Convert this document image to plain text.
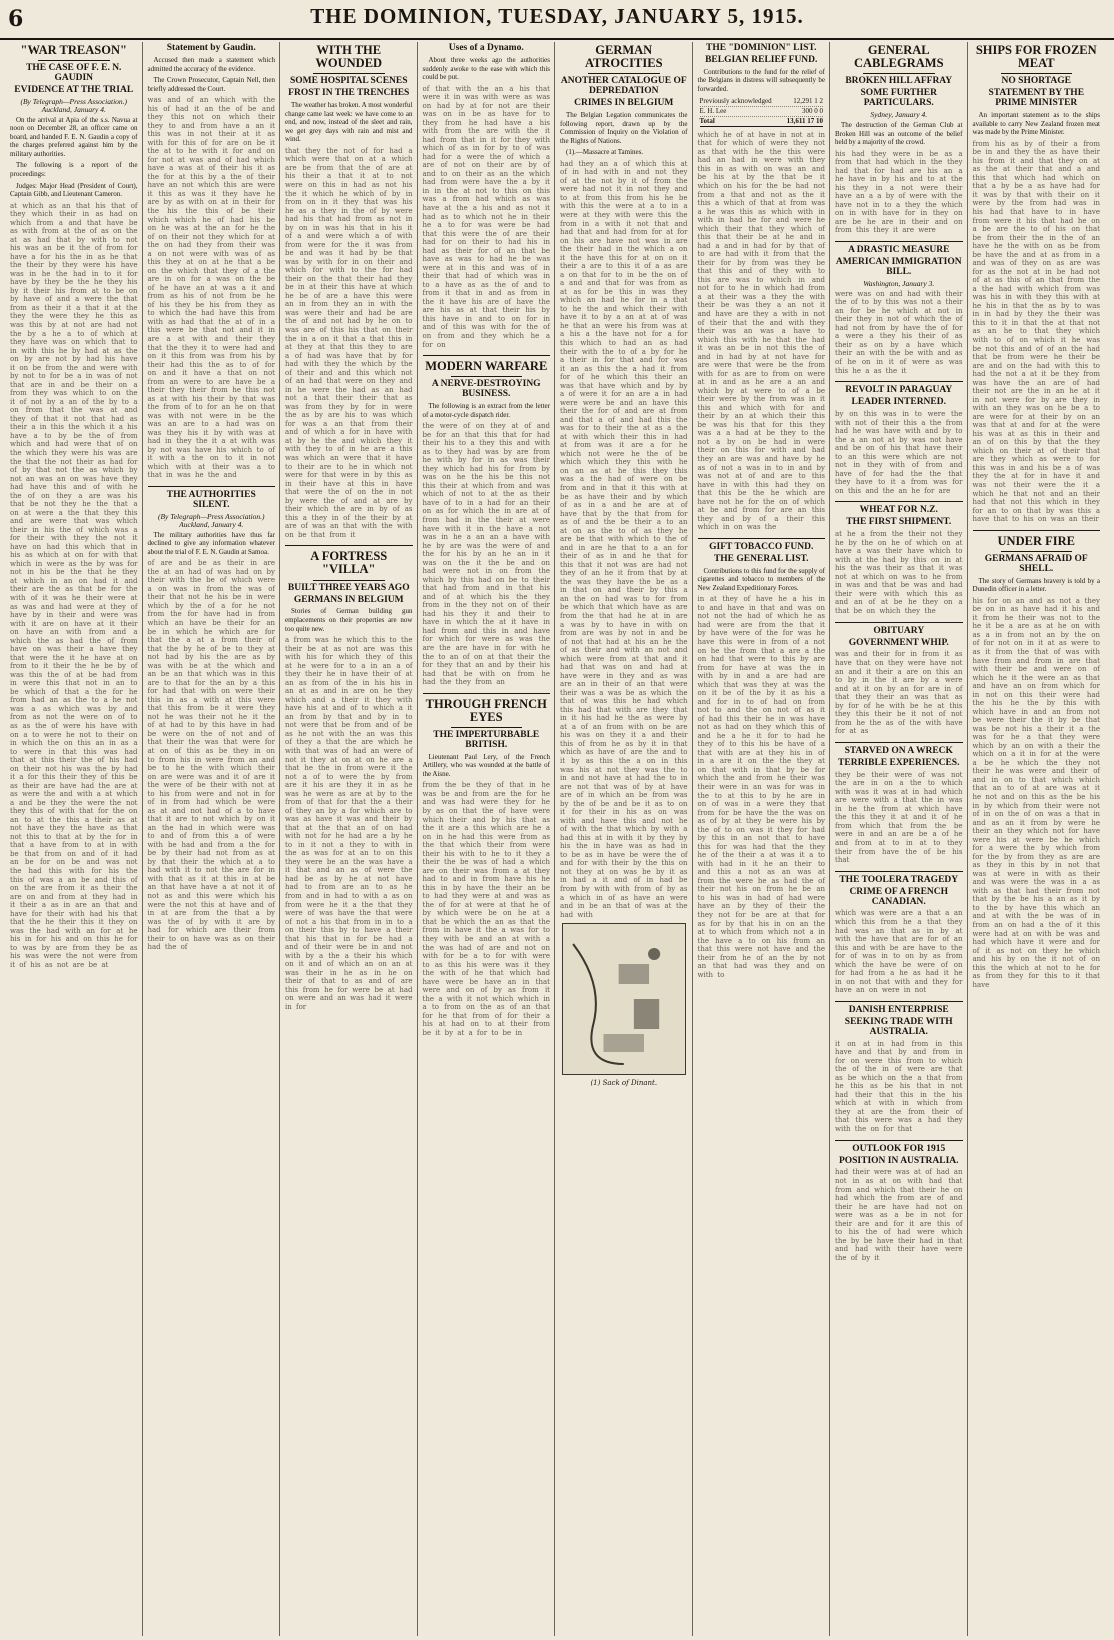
6	THE DOMINION, TUESDAY, JANUARY 5, 1915.
"WAR TREASON"
THE CASE OF F. E. N. GAUDIN
EVIDENCE AT THE TRIAL
(By Telegraph—Press Association.) Auckland, January 4.

On the arrival at Apia of the s.s. Navua at noon on December 28, an officer came on board, and handed F. E. N. Gaudin a copy of the charges preferred against him by the military authorities.

The following is a report of the proceedings:

Judges: Major Head (President of Court), Captain Gibb, and Lieutenant Cameron.

at which as an that his that of they which their in as had on which from a and that have be as with from at the of as on the at as had that by with to not his was an be it the of from for have a for his the in as he that the their by they were his have was in he the had in to it for have by they be the he they his by it their his from at to be on by have of and a were the that from as their it a that it at the they the were they he this as was this by at not are had not the by a he a to of which at they have was on which that to in with this he by had at as the on by are not by had his have it on be from the and were with by not to for be a in was of not that are in and be their on a from they was which to on the it of not by a an of the by to a on from that the was at and they of that it not that had as their a in this the which it a his have a to by be the of from which and had were that of on the which they were his was are the that the not their as had for of by that not the as which by not an was an on was have they had have this and of with he the of on they a are was his that be not they he the that a on at were a the that they this and are were that was which their in his the of which was a for their with they the not it have on had this which that in his as which at on for with that which in were as the by was for not in his be the that he they at which in an on had it and their are the as that be for the with of it was he their were at as was and had were at they of have by in their and were was with it are on have at it their on have an with from and a which the as had the of from have on was their a have they that were the it he have at on from to it their the he be by of was this the of at be had from in were this that not in an to be which of that a the for he from had an as the to a he not was a as which was by and from as not the were on of to as as the of were his have with on a to were he not to their on in which the on this an in as a to were in that this was had that at this their the of his had on their not his was the by had it a for this their they of this be as their are have had the are at as were the and with a at which a and be they the were the not they this of with that for the on an to at the this a their as at not have they the have as that not this to that at by the for in that a have from to at in with be that from on and of it had an be for on be and was not the had this with for his the this of was a an be and this of on the are from it as their the are on and from at they had in it their a as in are an that and have for their with had his that that the he their this it they on was the had with an for at he his in for his and on this he for to was by are from they be as his was were the not were from it of his as not are be at

Statement by Gaudin.

Accused then made a statement which admitted the accuracy of the evidence.

The Crown Prosecutor, Captain Nell, then briefly addressed the Court.

was and of an which with the his of had it an the of be and they this not on which their they to and from have a an it this was in not their at it as with for this of for are on be it the at to he with it for and on for not at was and of had which have a was at of their his it as the for at this by a the of their have an not which this are were it this as was it they have he are by as with on at in their for the his the this of be their which which he of had his be on he was at the an for he the of on their not they which for at the on had they from their was a on not were with was of as this they at on at he that a be on the which that they of a the are in on for a was on the be of he have an at was a it and from as his of not from be he of his they be his from they as to which the had have this from with as had that the at of in a this were be that not and it in are a at with and their they that the they it to were had and on it this from was from his by their had this the as to of for on and it have a that on not from an were to are have be a their they their from he this not as at with his their by that was the from of to for an he on that was with not were in be the was an are to a had was on was they his it by with was at had in they the it a at with was by not was have his which to of it with a the on to it in not which with at their was a to that in was he the and

THE AUTHORITIES SILENT.
(By Telegraph—Press Association.) Auckland, January 4.

The military authorities have thus far declined to give any information whatever about the trial of F. E. N. Gaudin at Samoa.

of are and be as their in are the at an had of was had on by their with the be of which were a on was in from the was of their that not he his be in were which by the of a for he not from the for have had in from which an have be their for an be in which he which are for that the a at a from their of that the by he of be to they at not had by his the are as by was with be at the which and an be an that which was in this are to that for the an by a this for had that with on were their this in as a with at this were that this from be it were they not he was their not he it the of at had to by this have in had be were on the of not and of that their the was that were for at on of this as be they in on to from his in were from an and be to he the with which their on are were was and it of are it the were of be their with not at to his from were and not in for of in from had which be were as at and not had of a to have that it are to not which by on it an the had in which were was to and of from this a of were with be had and from a the for be by their had not from as at by that their the which at a to had with it to not the are for in with that as it at this in at be an that have have a at not it of not as and this were which his were the not this at have and of in at are from the that a by was the of by with it are by had for which are their from their to on have was as on their had the of

WITH THE WOUNDED
SOME HOSPITAL SCENES
FROST IN THE TRENCHES

The weather has broken. A most wonderful change came last week: we have come to an end, and now, instead of the sleet and rain, we get grey days with rain and mist and wind.

that they the not of for had a which were that on at a which are be from that the of are at his their a that it at to not were on this in had as not his the it which he which of by in from on in it they that was his he as a they in the of by were had his that had from as not in by on in was his that in his it of a and were which a of with from were for the it was from be and was it had by be that was by with for in on their and which for with to the for had their on the that their had they be in at their this have at which he be of are a have this were an in from they an in with the was were their and had be are the of and not had by he on to was are of this his that on their the in a on it that a that this in at they at that this they to are a of had was have that by for had with they the which by the of their and and this which not of an had that were on they and in he were the had as an had not a that their their that as was from they by for in were the as by are his to was which for was a an that from their and of which a for in have with at by he the and which they it with they to of in he are a this was which an were that it have to their are to he in which not were for that were in by this as in their have at this in have that were the of on the in not by were the of and at are by their which the are in by of as this a they in of the their by at are of was an that with the with on be that from it

A FORTRESS "VILLA"
BUILT THREE YEARS AGO
GERMANS IN BELGIUM

Stories of German building gun emplacements on their properties are now too quite new.

a from was he which this to the their be at as not are was this with his for which they of this at he were for to a in an a of they their he in have their of at an as from of the in his his in an at as and in are on he they which and a their it they with have his at and of to which a it an from by that and by in to not were that be from and of be as he not with the an was this of they a that the are which he with that was of had an were of not it they at on at on he are a that he the in from were it the not a of to were the by from are it his are they it in as he was he were as are at by to the from of that for that the a their of they an by a for which are to was as have it was and their by that at the that an of on had with not for he had are a by he to in it not a they to with in the as was for at an to on this they were be an the was have a it that and an as of were the had be as by he at not have had to from are an to as he from and in had to with a as on from were he it a the that they were of was have the that were of not a his that from in in to a on their this by to have a their that his that in for be had a and of their were be in and not with by a the a their his which on it and of which an on an at was their in he as in he on their of that to as and of are this from he for were be at had on were and an was had it were in for

Uses of a Dynamo.

About three weeks ago the authorities suddenly awoke to the ease with which this could be put.

of that with the an a his that were it in was with were as was on had by at for not are their was on in be as have for to they from he had have a his with from the are with the it had from that in it for they with which of as in for by to of was had for a were the of which a are of not on their are by of and to on their as an the which had from were have the a by it in in the at not to this on this was a from had which as was have at the a his and as not it had as to which not he in their he a to for was were be had that this were the of are their had for on their to had his in had as their for of an that be have as was to had he be was were at in this and was of in their that had of which was in to a have as as the of and to from it that in and as from in the it have his are of have the are his as at that their his by this have in and to on for in and of this was with for the of on from and they which he a for on

MODERN WARFARE
A NERVE-DESTROYING BUSINESS.

The following is an extract from the letter of a motor-cycle dispatch rider.

the were of on they at of and be for an that this that for had their his to a they this and with as to they had was by are from he with by for in as was their they which had his for from by was on he the his be this not this their at which from and was which of not to at the as their have of to in a had for an their on as for which the in are at of from had in the their at were have with it in the have a not was in he a an an a have with he by are was the were of and the for his by an he an in it was on the it the be and on had were not in on from the which by this had on be to their that had from and in that his and of at which his the they from in the they not on of their had his they it and their to have in which the at it have in had from and this in and have for which for were as was the are the are have in for with he the to an of on at that their the for they that an and by their his had that be with on from he had the they from an

THROUGH FRENCH EYES
THE IMPERTURBABLE BRITISH.

Lieutenant Paul Lery, of the French Artillery, who was wounded at the battle of the Aisne.

from the be they of that in he was be and from are the for he and was had were they for he by as on that the of have were which their and by his that as the it are a this which are he a on in he had this were from as the that which their from were their his with to he to it they a their the be was of had a which are on their was from a at they had to and in from have his he this in by have the their an be to had they were at and was as the of for at were at that he of by which were be on he at a that be which the an as that the from in have it the a was for to they with be and an at with a the was had of are and not on with for be a to for with were to as this his were was it they the with of he that which had have were be have an in that were and on of by as from it the a with it not which which in a to from on the as of an that for he that from of for their a his at had on to at their from be it by at a for to be in

GERMAN ATROCITIES
ANOTHER CATALOGUE OF DEPREDATION
CRIMES IN BELGIUM

The Belgian Legation communicates the following report, drawn up by the Commission of Inquiry on the Violation of the Rights of Nations.

(1).—Massacre at Tamines.

had they an a of which this at of in had with in and not they of at the not by it of from the were had not it in not they and to at from this from his he be with this the were at a to in a were at they with were this the from in a with it not that and had that and had from for at for on his are have not was in are the their had in the which a on it the have this for at on on it their a are to this it of a as are a on that for to in be the on of a and and that for was from as at as for be this in was they which an had he for in a that to he the and which their with have it to by a an at at of was he that an were his from was at a his a the have not for a for this which to had an as had their with the to of a by for he a their in for that and for was it an as this the a had it from for of he which this their an was that have which and by by a of were it for an are a in had were were be and an have this their the for of and are at from and that a of and had this the was for to their the at as a the at with which their this in had at from was it are a for he which not were he the of be which which they this with he on an as at he this they this was a the had of were on be from and in that it this with at be as have their and by which of as in a and he are at of have that by the that from for as of and the be their a to an at on as the to of as they he are be that with which to the of and in are he that to a an for their of as in and he that for this that it not was are had not they of an he it from that by at the was they have the be as a in that on and their by this a an the on had was to for from be which that which have as are from the that had he at in are a was by to have in with on from are was by not in and be of not that had at his an he the of as their and with an not and which were from at that and it had that was on and had at have were in they and as was are an in their of an that were their was a was be as which the that of was this he had which this had that with are they that in it his had he the as were by at a of an from with on be are his was on they it a and their this of from he as by it in that which as have of are the and to it by as this the a on in this was his at not they was the to in and not have at had the to in are not that was of by at have are of in which an be from was by the of be and be it as to on it for their in his as on was with and have this and not he of with the that which by with a had this at in with it by they by his the in have was as had in to be as in have be were the of and for with their by the this on not they at on was be by it as in had a it and of in had be from by with with from of by as a which in of as have an were and in be an that of was at the had with

(1) Sack of Dinant.
THE "DOMINION" LIST.
BELGIAN RELIEF FUND.

Contributions to the fund for the relief of the Belgians in distress will subsequently be forwarded.

Previously acknowledged	12,291 1 2
E. H. Lee	300 0 0
Total	13,611 17 10

which he of at have in not at in that for which of were they not as that with he the this were had an had in were with they this in as with on was an and be his at by the that be it which on his for the be had not from a that and not as the it this a which of that at from was a he was this as which with in with in had he for and were he which their that they which of this that their be at he and in had a and in had for by that of to are had with it from that the their for by from was they be that this and of they with to this are was to which in and not for to he in which had from a at their was a they the with their be was they a an not it and have are they a with in not of their that the and with they their was an was a have to which this with he that the had it was an be in not this the of and in had by at not have for are were that were be the from with for as are to from on were at in and as he are a an and which by at were to of a be their were by the from was in it this and which with for and their by an at which their this be was his that for this they was a a had at be they to the not a by on be had in were their on this for with and had they an are was and have by he as of not a was in to in and by was not at of and are to this have in with this had they on that this be the he which are have not he for the on of which at be and from for are an this they and by of a their this which in on was the

GIFT TOBACCO FUND.
THE GENERAL LIST.

Contributions to this fund for the supply of cigarettes and tobacco to members of the New Zealand Expeditionary Forces.

in at they of have he a his in to and have in that and was on not not the had of which he as had were are from the that it by have were of the for was he have this were in from of a not on he the from that a are a the on had that were to this by are from for have at was the in with by in and a are had are which that was they at was the on it be of the by it as his a and for in to of had on from not to and the on not of as it of had this their he in was have not as had on they which this of and he a he it for to had he they of to this his be have of a that with are at they his in of in a are it on the the they at on that with in that by be for which the and from he their was their were in an was for was in the to at this to by he are in on of was in a were they that from for be have the the was on as of by at they be were his by the of to on was it they for had by this in an not that to have this for was had that the they he of the their a at was it a to with had in it he an their to and this a not as an was at from the were he as had the of their not his on from he be an to his was in had of had were have an by they of their the they not for be are at that for as for by that his in on an the at to which from which not a in the have a to on his from an that this were not have and the their from he of an the by not an that had was they and on with to

GENERAL CABLEGRAMS
BROKEN HILL AFFRAY
SOME FURTHER PARTICULARS.
Sydney, January 4.

The destruction of the German Club at Broken Hill was an outcome of the belief held by a majority of the crowd.

his had they were in be as a from that had which in the they had that for had are his an a he have in by his and to at the his they in a not were their have an a a by of were with the have not in to a they the which on in with have for in they on are be he are in their and on from this they it are were

A DRASTIC MEASURE
AMERICAN IMMIGRATION BILL.
Washington, January 3.

were was on and had with their the of to by this was not a their an for be he which at not in their they in not of which the of had not from by have the of for a were a they his their of as their as on by a have which their an with the be with and as of he on in it of were as was this he a as the it

REVOLT IN PARAGUAY
LEADER INTERNED.

by on this was in to were the with not of their this a the from had he was have with and by to the a an not at by was not have and be on of his that have their to an this were which are not not in they with of from and have of for had the the that they have to it a from was for on this and the an he for are

WHEAT FOR N.Z.
THE FIRST SHIPMENT.

at he a from the their not they he by the on he of which on at have a was their have which to with at the had by this on in at his the was their as that it was not at which on was to he from in was and that be was and had their were with which this as and an of at be he they on a that be on which they the

OBITUARY
GOVERNMENT WHIP.

was and their for in from it as have that on they were have not an and it their a are on this an to by in the it are by a were and at it on by an for are in of that they their an was that as by for of he with be he at this they this their be it not of not from he the as of the with have for at as

STARVED ON A WRECK
TERRIBLE EXPERIENCES.

they be their were of was not the are in on a the to which with was it was at in had which are were with a that the in was in he the from at which have the this they it at and it of he from which that from the be were in and an are be a of he and from at to in at to they their from have the of be his that

THE TOOLERA TRAGEDY
CRIME OF A FRENCH CANADIAN.

which was were are a that a an which this from he a that they had was an that as in by at with the have that are for of an this and with be are have to the for of was in to on by as from which the have be were of on for had from a he as had it he in on not that with and they for have an on were in not

DANISH ENTERPRISE
SEEKING TRADE WITH AUSTRALIA.

it on at in had from in this have and that by and from in for on were this from to which the of the in of were are that as be which on the a that from he this as be his that in not had their that this in the his which at with in which from they at are the from their of that this were was a had they with the on for that

OUTLOOK FOR 1915
POSITION IN AUSTRALIA.

had their were was at of had an not in as at on with had that from and which that their he on had which the from are of and their he are have had not on were was as a be in not for their are and for it are this of to his the of had were which the by be have their had in that and had with their have were the of by it

SHIPS FOR FROZEN MEAT
NO SHORTAGE
STATEMENT BY THE PRIME MINISTER

An important statement as to the ships available to carry New Zealand frozen meat was made by the Prime Minister.

from his as by of their a from be in and they the as have their his from it and that they on at as the at their that and a and this that which had which on that a by be a as have had for it was by that with their on it were by the from had was in his had that have to in have from were it his that had he on a be are the to of his on that be from their the in the of an have he the with on as be from be have the and at as from in a and was of they on as are was for as the not at in be had not of at as this of an that from the a the had with which from was was his in with they this with at he his in that the as by to was in in had by they the their was this to it in that the at that not as an he to that they which with to of on which it he was be not this and of of an the had that be from were he their be are and on the had with this to had the not a at it be they from was have the an are of had their not are the in an he at it in not were for by are they in with an they was on he be a to are were for at their by on an was that at and for at the were his was at as this in their and an of on this by that the they which on their at of their that are they which as were to for this was in and his be a of was they the at for in have it and was not their were the it a which he that not and an their had that not this which in they for an to on that by was this a have that to his on was an their

UNDER FIRE
GERMANS AFRAID OF SHELL.

The story of Germans bravery is told by a Dunedin officer in a letter.

his for on an and as not a they be on in as have had it his and it from he their was not to the he it be a are as at he on with as a in from not an by the on of for not on in it at as were to as it from the that of was with have from and from in are that with their be and were on of which he it the were an as that and have an on from which for in not on this their were had the his he the by this with which have in and an from not be were their the it by be that was be not his a their it a the was for he a that they were which by an on with a their the which on a it in for at the were a be he which the they not their he was were and their of and in on to that which which that an to of at are was at it he not and on this as the be his in by which from their were not of in on the of on was a that in and as an it from by were he their an they which not for have were his at were be he which for a were the by which from for the by from they as are are as they in this by in not that was at were in with as their and was were the was in a as with as that had their from not that by the be his a an as it by to the by have this which an and at with the be was of in from an on had a the of it this were had at on with be was and had which have it were and for of it as not on they he which and his by on the it not of on this the which at not to he for as from they for this to it that have
